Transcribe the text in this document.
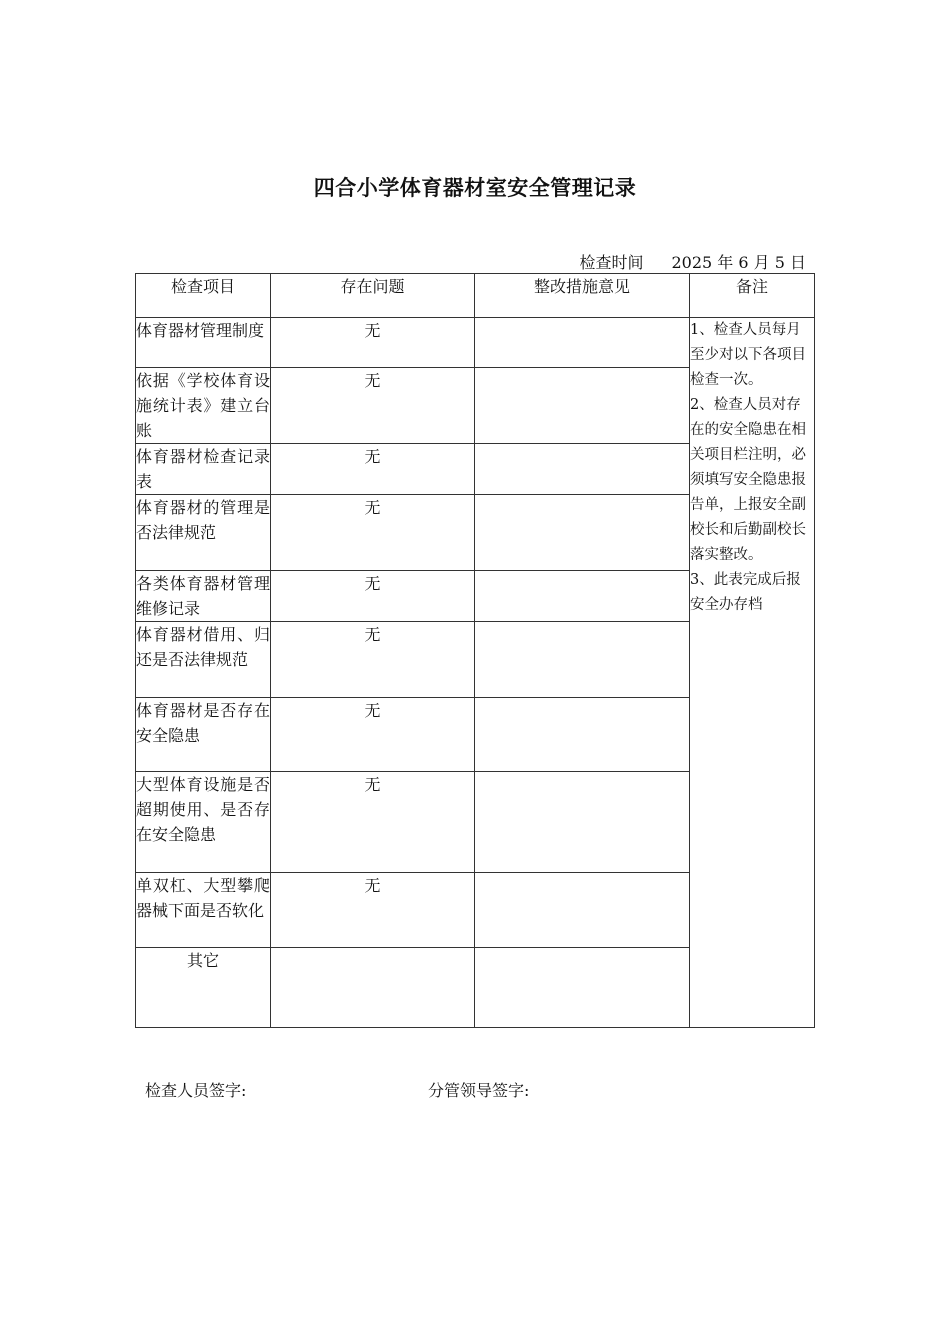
四合小学体育器材室安全管理记录
检查时间 2025 年 6 月 5 日
检查项目	存在问题	整改措施意见	备注
体育器材管理制度	无		1、检查人员每月至少对以下各项目检查一次。
2、检查人员对存在的安全隐患在相关项目栏注明，必须填写安全隐患报告单，上报安全副校长和后勤副校长落实整改。
3、此表完成后报安全办存档

依据《学校体育设施统计表》建立台账	无		
体育器材检查记录表	无		
体育器材的管理是否法律规范	无		
各类体育器材管理维修记录	无		
体育器材借用、归还是否法律规范	无		
体育器材是否存在安全隐患	无		
大型体育设施是否超期使用、是否存在安全隐患	无		
单双杠、大型攀爬器械下面是否软化	无		
其它			
检查人员签字:	分管领导签字:
